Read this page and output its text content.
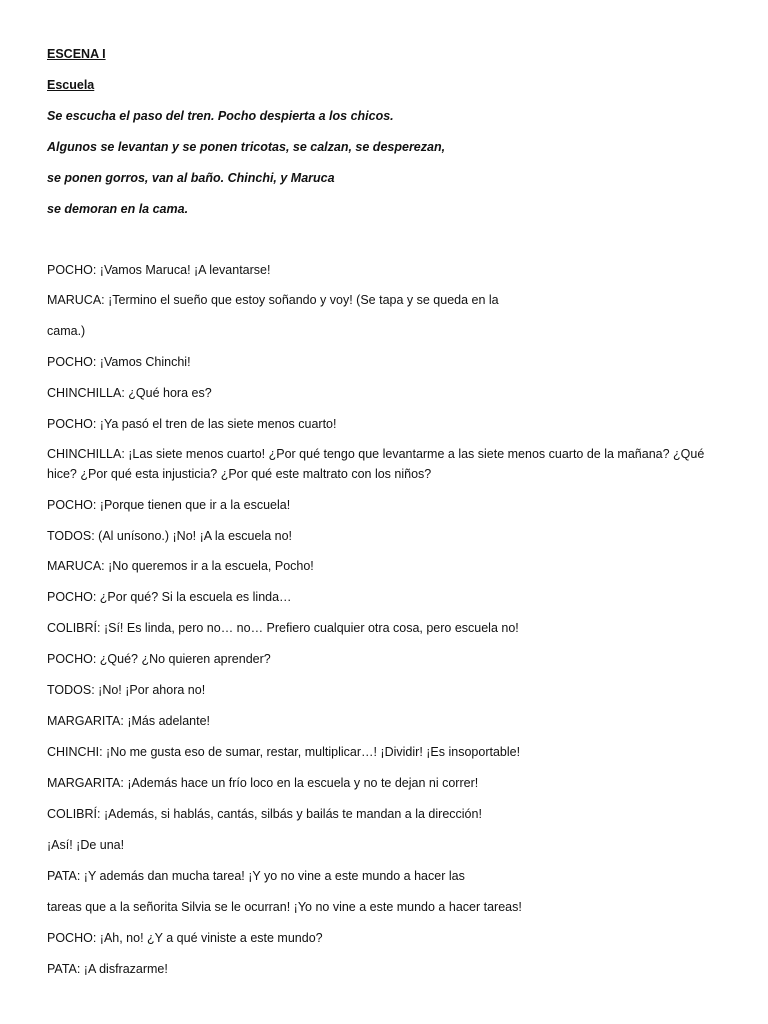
ESCENA I
Escuela
Se escucha el paso del tren. Pocho despierta a los chicos.
Algunos se levantan y se ponen tricotas, se calzan, se desperezan,
se ponen gorros, van al baño. Chinchi, y Maruca
se demoran en la cama.
POCHO: ¡Vamos Maruca! ¡A levantarse!
MARUCA: ¡Termino el sueño que estoy soñando y voy! (Se tapa y se queda en la
cama.)
POCHO: ¡Vamos Chinchi!
CHINCHILLA: ¿Qué hora es?
POCHO: ¡Ya pasó el tren de las siete menos cuarto!
CHINCHILLA: ¡Las siete menos cuarto! ¿Por qué tengo que levantarme a las siete menos cuarto de la mañana? ¿Qué hice? ¿Por qué esta injusticia? ¿Por qué este maltrato con los niños?
POCHO: ¡Porque tienen que ir a la escuela!
TODOS: (Al unísono.) ¡No! ¡A la escuela no!
MARUCA: ¡No queremos ir a la escuela, Pocho!
POCHO: ¿Por qué? Si la escuela es linda…
COLIBRÍ: ¡Sí! Es linda, pero no… no… Prefiero cualquier otra cosa, pero escuela no!
POCHO: ¿Qué? ¿No quieren aprender?
TODOS: ¡No! ¡Por ahora no!
MARGARITA: ¡Más adelante!
CHINCHI: ¡No me gusta eso de sumar, restar, multiplicar…! ¡Dividir! ¡Es insoportable!
MARGARITA: ¡Además hace un frío loco en la escuela y no te dejan ni correr!
COLIBRÍ: ¡Además, si hablás, cantás, silbás y bailás te mandan a la dirección!
¡Así! ¡De una!
PATA: ¡Y además dan mucha tarea! ¡Y yo no vine a este mundo a hacer las
tareas que a la señorita Silvia se le ocurran! ¡Yo no vine a este mundo a hacer tareas!
POCHO: ¡Ah, no! ¿Y a qué viniste a este mundo?
PATA: ¡A disfrazarme!
